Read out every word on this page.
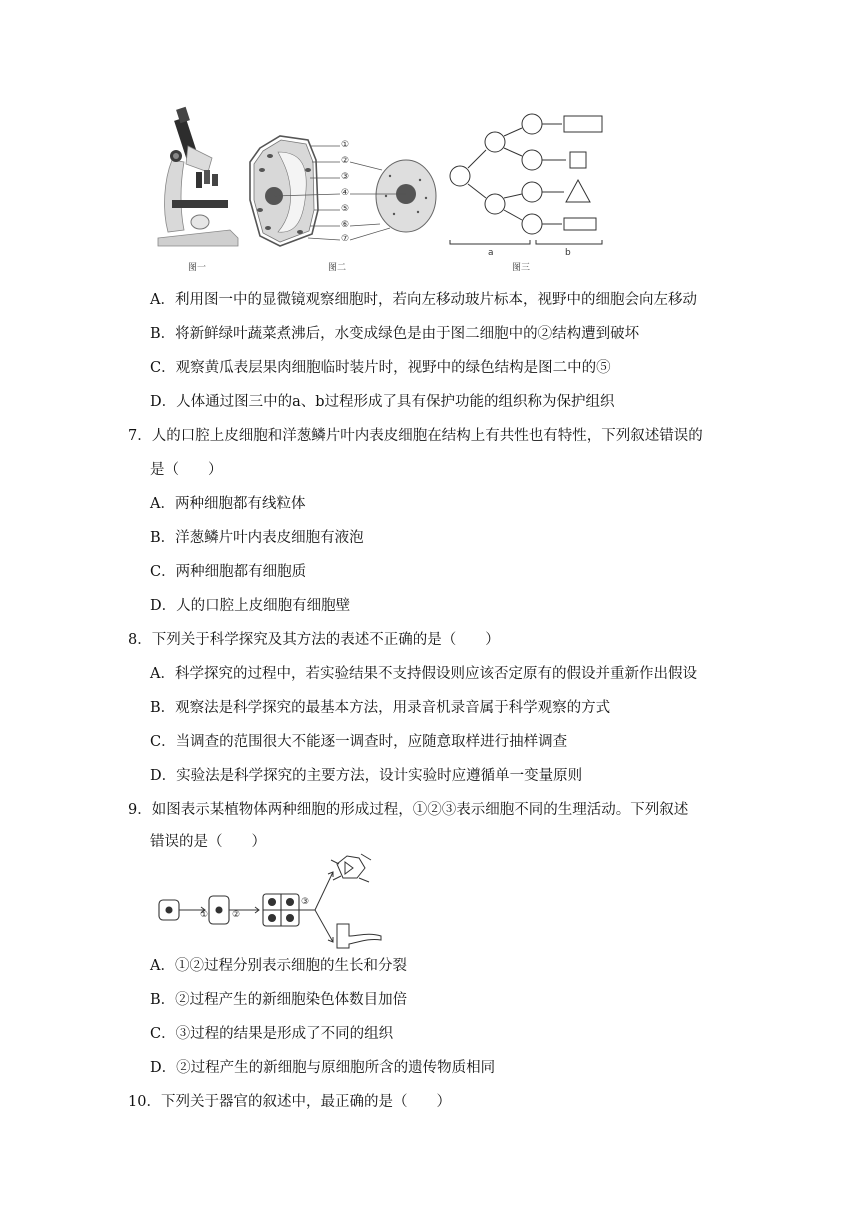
图一	图二	图三
a	b
①
②
③
④
⑤
⑥
⑦
A．利用图一中的显微镜观察细胞时，若向左移动玻片标本，视野中的细胞会向左移动
B．将新鲜绿叶蔬菜煮沸后，水变成绿色是由于图二细胞中的②结构遭到破坏
C．观察黄瓜表层果肉细胞临时装片时，视野中的绿色结构是图二中的⑤
D．人体通过图三中的a、b过程形成了具有保护功能的组织称为保护组织
7．人的口腔上皮细胞和洋葱鳞片叶内表皮细胞在结构上有共性也有特性，下列叙述错误的
是（　　）
A．两种细胞都有线粒体
B．洋葱鳞片叶内表皮细胞有液泡
C．两种细胞都有细胞质
D．人的口腔上皮细胞有细胞壁
8．下列关于科学探究及其方法的表述不正确的是（　　）
A．科学探究的过程中，若实验结果不支持假设则应该否定原有的假设并重新作出假设
B．观察法是科学探究的最基本方法，用录音机录音属于科学观察的方式
C．当调查的范围很大不能逐一调查时，应随意取样进行抽样调查
D．实验法是科学探究的主要方法，设计实验时应遵循单一变量原则
9．如图表示某植物体两种细胞的形成过程，①②③表示细胞不同的生理活动。下列叙述
错误的是（　　）
①	②
③
A．①②过程分别表示细胞的生长和分裂
B．②过程产生的新细胞染色体数目加倍
C．③过程的结果是形成了不同的组织
D．②过程产生的新细胞与原细胞所含的遗传物质相同
10．下列关于器官的叙述中，最正确的是（　　）
